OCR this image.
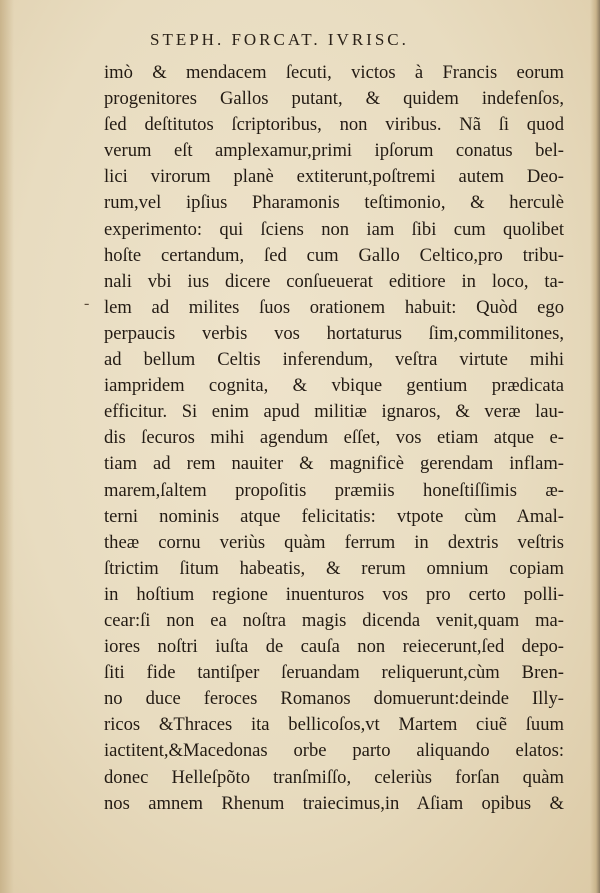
STEPH. FORCAT. IVRISC.
-
imò & mendacem ſecuti, victos à Francis eorum
progenitores Gallos putant, & quidem indefenſos,
ſed deſtitutos ſcriptoribus, non viribus. Nã ſi quod
verum eſt amplexamur,primi ipſorum conatus bel-
lici virorum planè extiterunt,poſtremi autem Deo-
rum,vel ipſius Pharamonis teſtimonio, & herculè
experimento: qui ſciens non iam ſibi cum quolibet
hoſte certandum, ſed cum Gallo Celtico,pro tribu-
nali vbi ius dicere conſueuerat editiore in loco, ta-
lem ad milites ſuos orationem habuit: Quòd ego
perpaucis verbis vos hortaturus ſim,commilitones,
ad bellum Celtis inferendum, veſtra virtute mihi
iampridem cognita, & vbique gentium prædicata
efficitur. Si enim apud militiæ ignaros, & veræ lau-
dis ſecuros mihi agendum eſſet, vos etiam atque e-
tiam ad rem nauiter & magnificè gerendam inflam-
marem,ſaltem propoſitis præmiis honeſtiſſimis æ-
terni nominis atque felicitatis: vtpote cùm Amal-
theæ cornu veriùs quàm ferrum in dextris veſtris
ſtrictim ſitum habeatis, & rerum omnium copiam
in hoſtium regione inuenturos vos pro certo polli-
cear:ſi non ea noſtra magis dicenda venit,quam ma-
iores noſtri iuſta de cauſa non reiecerunt,ſed depo-
ſiti fide tantiſper ſeruandam reliquerunt,cùm Bren-
no duce feroces Romanos domuerunt:deinde Illy-
ricos &Thraces ita bellicoſos,vt Martem ciuẽ ſuum
iactitent,&Macedonas orbe parto aliquando elatos:
donec Helleſpõto tranſmiſſo, celeriùs forſan quàm
nos amnem Rhenum traiecimus,in Aſiam opibus &
